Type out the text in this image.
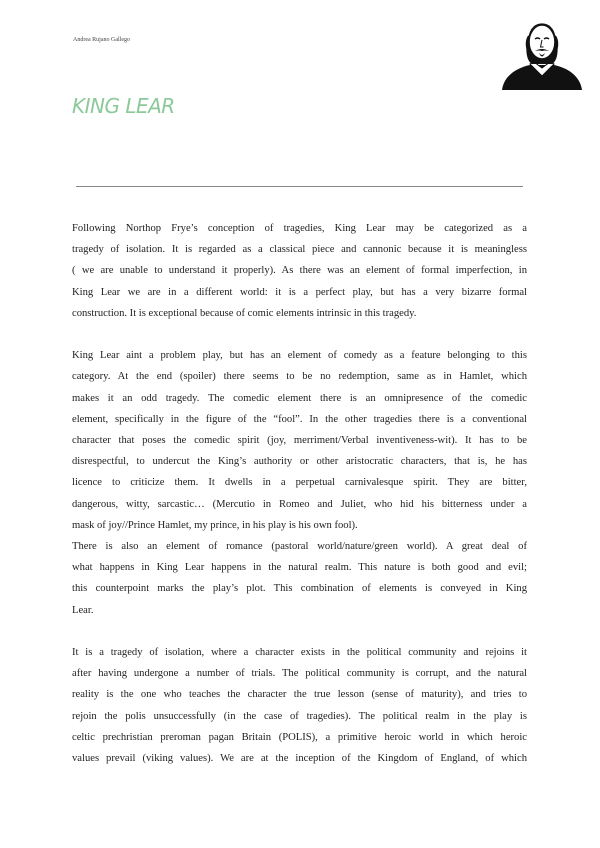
Andrea Rujano Gallego
KING LEAR

Following Northop Frye’s conception of tragedies, King Lear may be categorized as a
tragedy of isolation. It is regarded as a classical piece and cannonic because it is meaningless
( we are unable to understand it properly). As there was an element of formal imperfection, in
King Lear we are in a different world: it is a perfect play, but has a very bizarre formal
construction. It is exceptional because of comic elements intrinsic in this tragedy.

King Lear aint a problem play, but has an element of comedy as a feature belonging to this
category. At the end (spoiler) there seems to be no redemption, same as in Hamlet, which
makes it an odd tragedy. The comedic element there is an omnipresence of the comedic
element, specifically in the figure of the “fool”. In the other tragedies there is a conventional
character that poses the comedic spirit (joy, merriment/Verbal inventiveness-wit). It has to be
disrespectful, to undercut the King’s authority or other aristocratic characters, that is, he has
licence to criticize them. It dwells in a perpetual carnivalesque spirit. They are bitter,
dangerous, witty, sarcastic… (Mercutio in Romeo and Juliet, who hid his bitterness under a
mask of joy//Prince Hamlet, my prince, in his play is his own fool).

There is also an element of romance (pastoral world/nature/green world). A great deal of
what happens in King Lear happens in the natural realm. This nature is both good and evil;
this counterpoint marks the play’s plot. This combination of elements is conveyed in King
Lear.

It is a tragedy of isolation, where a character exists in the political community and rejoins it
after having undergone a number of trials. The political community is corrupt, and the natural
reality is the one who teaches the character the true lesson (sense of maturity), and tries to
rejoin the polis unsuccessfully (in the case of tragedies). The political realm in the play is
celtic prechristian preroman pagan Britain (POLIS), a primitive heroic world in which heroic
values prevail (viking values). We are at the inception of the Kingdom of England, of which
